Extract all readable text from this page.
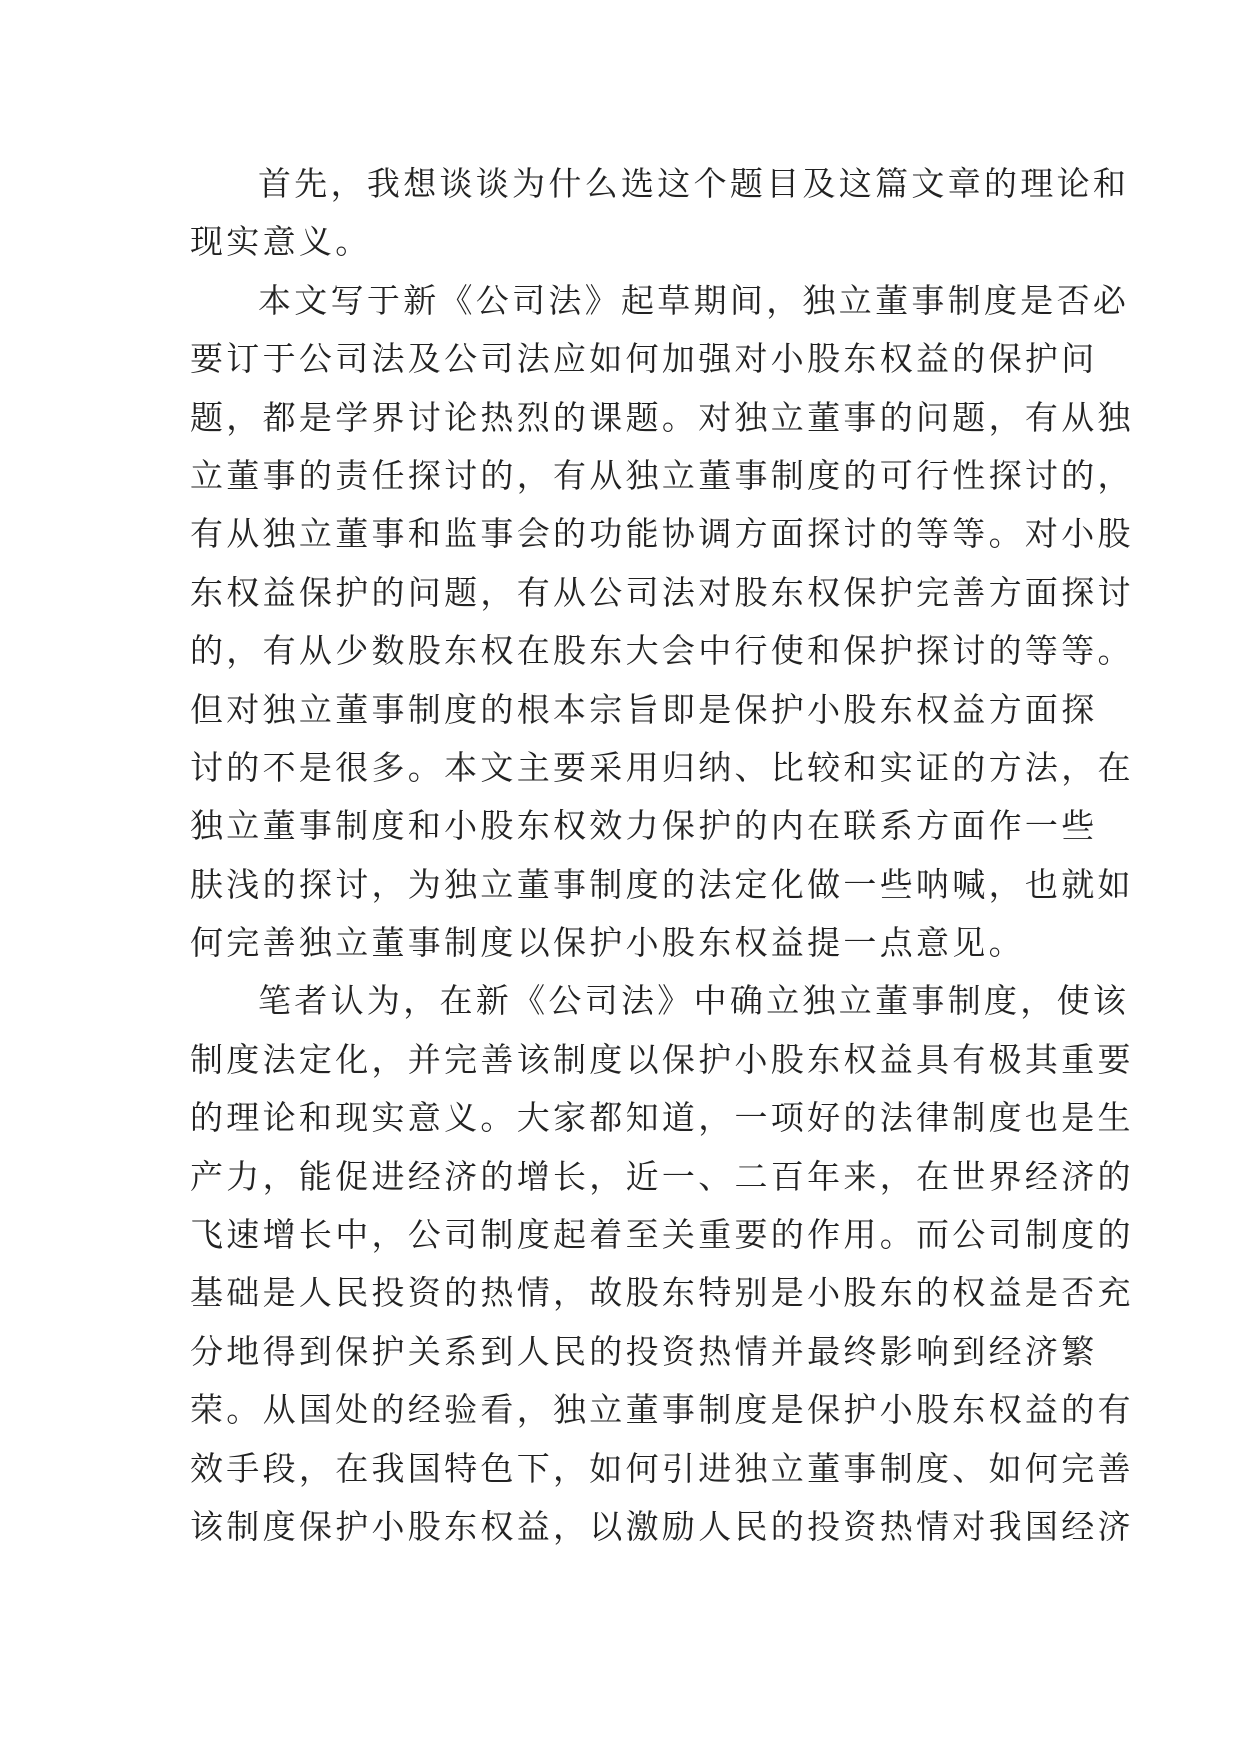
首先，我想谈谈为什么选这个题目及这篇文章的理论和
现实意义。
本文写于新《公司法》起草期间，独立董事制度是否必
要订于公司法及公司法应如何加强对小股东权益的保护问
题，都是学界讨论热烈的课题。对独立董事的问题，有从独
立董事的责任探讨的，有从独立董事制度的可行性探讨的，
有从独立董事和监事会的功能协调方面探讨的等等。对小股
东权益保护的问题，有从公司法对股东权保护完善方面探讨
的，有从少数股东权在股东大会中行使和保护探讨的等等。
但对独立董事制度的根本宗旨即是保护小股东权益方面探
讨的不是很多。本文主要采用归纳、比较和实证的方法，在
独立董事制度和小股东权效力保护的内在联系方面作一些
肤浅的探讨，为独立董事制度的法定化做一些呐喊，也就如
何完善独立董事制度以保护小股东权益提一点意见。
笔者认为，在新《公司法》中确立独立董事制度，使该
制度法定化，并完善该制度以保护小股东权益具有极其重要
的理论和现实意义。大家都知道，一项好的法律制度也是生
产力，能促进经济的增长，近一、二百年来，在世界经济的
飞速增长中，公司制度起着至关重要的作用。而公司制度的
基础是人民投资的热情，故股东特别是小股东的权益是否充
分地得到保护关系到人民的投资热情并最终影响到经济繁
荣。从国处的经验看，独立董事制度是保护小股东权益的有
效手段，在我国特色下，如何引进独立董事制度、如何完善
该制度保护小股东权益，以激励人民的投资热情对我国经济
